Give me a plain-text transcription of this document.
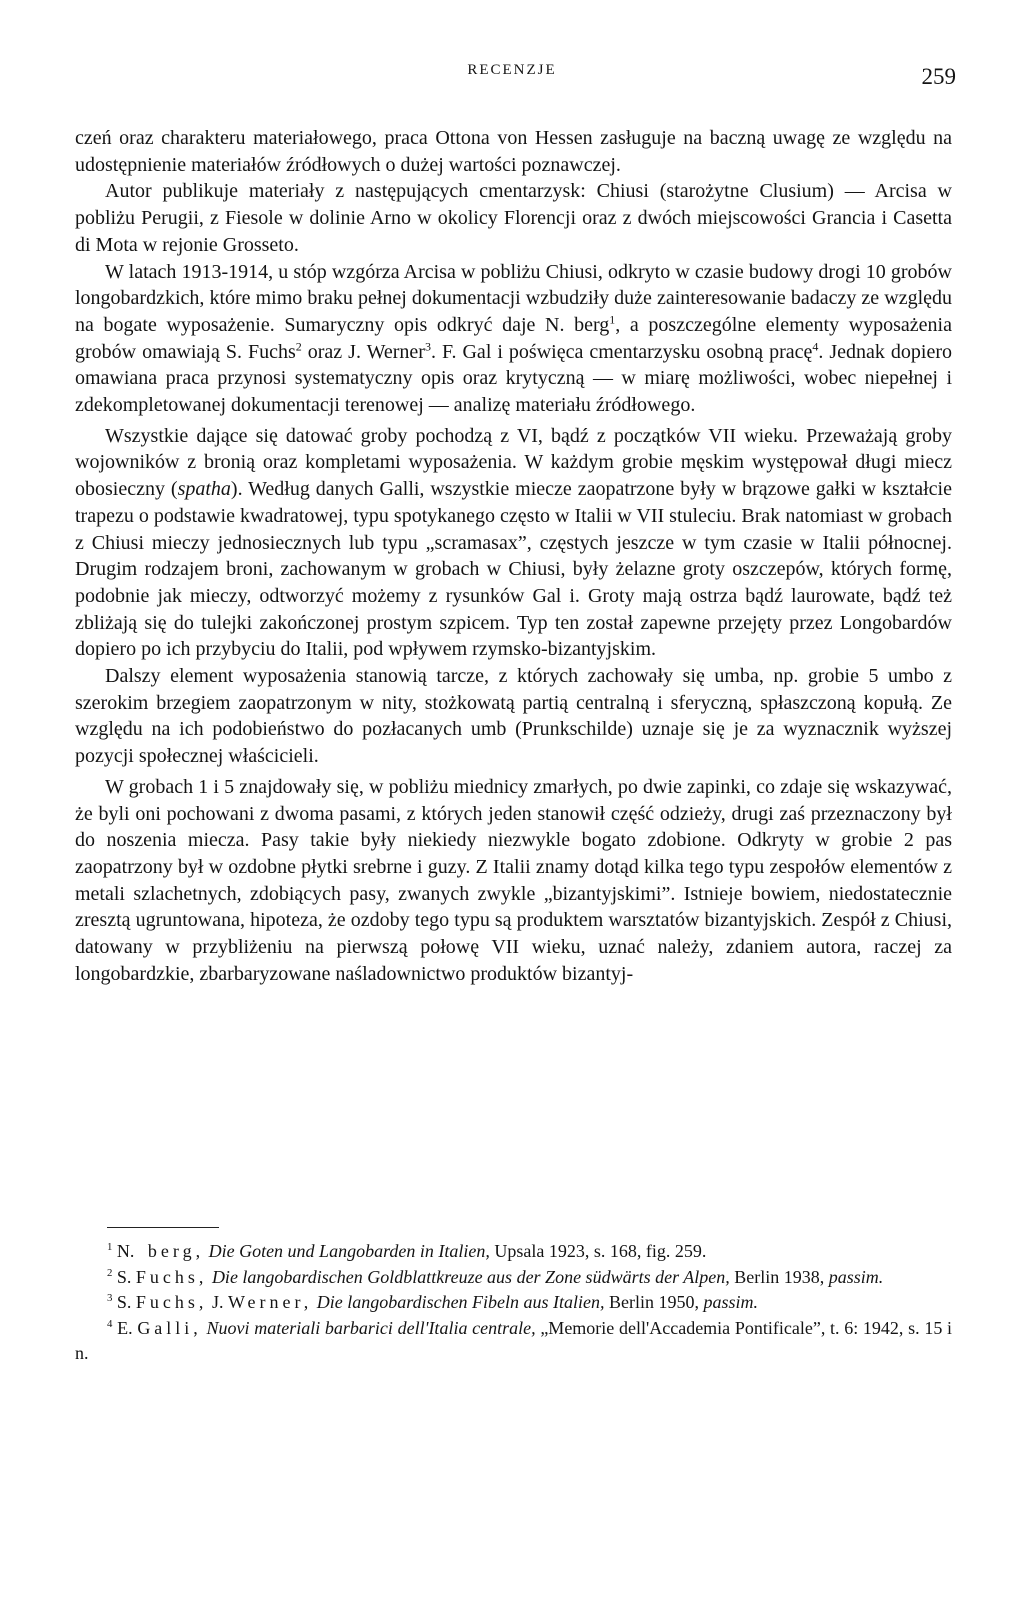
RECENZJE	259

czeń oraz charakteru materiałowego, praca Ottona von Hessen zasługuje na baczną uwagę ze względu na udostępnienie materiałów źródłowych o dużej wartości poznawczej.

Autor publikuje materiały z następujących cmentarzysk: Chiusi (starożytne Clusium) — Arcisa w pobliżu Perugii, z Fiesole w dolinie Arno w okolicy Florencji oraz z dwóch miejscowości Grancia i Casetta di Mota w rejonie Grosseto.

W latach 1913-1914, u stóp wzgórza Arcisa w pobliżu Chiusi, odkryto w czasie budowy drogi 10 grobów longobardzkich, które mimo braku pełnej dokumentacji wzbudziły duże zainteresowanie badaczy ze względu na bogate wyposażenie. Sumaryczny opis odkryć daje N. berg$^1$, a poszczególne elementy wyposażenia grobów omawiają S. Fuchs$^2$ oraz J. Werner$^3$. F. Gal i poświęca cmentarzysku osobną pracę$^4$. Jednak dopiero omawiana praca przynosi systematyczny opis oraz krytyczną — w miarę możliwości, wobec niepełnej i zdekompletowanej dokumentacji terenowej — analizę materiału źródłowego.

Wszystkie dające się datować groby pochodzą z VI, bądź z początków VII wieku. Przeważają groby wojowników z bronią oraz kompletami wyposażenia. W każdym grobie męskim występował długi miecz obosieczny (spatha). Według danych Galli, wszystkie miecze zaopatrzone były w brązowe gałki w kształcie trapezu o podstawie kwadratowej, typu spotykanego często w Italii w VII stuleciu. Brak natomiast w grobach z Chiusi mieczy jednosiecznych lub typu „scramasax”, częstych jeszcze w tym czasie w Italii północnej. Drugim rodzajem broni, zachowanym w grobach w Chiusi, były żelazne groty oszczepów, których formę, podobnie jak mieczy, odtworzyć możemy z rysunków Gal i. Groty mają ostrza bądź laurowate, bądź też zbliżają się do tulejki zakończonej prostym szpicem. Typ ten został zapewne przejęty przez Longobardów dopiero po ich przybyciu do Italii, pod wpływem rzymsko-bizantyjskim.

Dalszy element wyposażenia stanowią tarcze, z których zachowały się umba, np. grobie 5 umbo z szerokim brzegiem zaopatrzonym w nity, stożkowatą partią centralną i sferyczną, spłaszczoną kopułą. Ze względu na ich podobieństwo do pozłacanych umb (Prunkschilde) uznaje się je za wyznacznik wyższej pozycji społecznej właścicieli.

W grobach 1 i 5 znajdowały się, w pobliżu miednicy zmarłych, po dwie zapinki, co zdaje się wskazywać, że byli oni pochowani z dwoma pasami, z których jeden stanowił część odzieży, drugi zaś przeznaczony był do noszenia miecza. Pasy takie były niekiedy niezwykle bogato zdobione. Odkryty w grobie 2 pas zaopatrzony był w ozdobne płytki srebrne i guzy. Z Italii znamy dotąd kilka tego typu zespołów elementów z metali szlachetnych, zdobiących pasy, zwanych zwykle „bizantyjskimi”. Istnieje bowiem, niedostatecznie zresztą ugruntowana, hipoteza, że ozdoby tego typu są produktem warsztatów bizantyjskich. Zespół z Chiusi, datowany w przybliżeniu na pierwszą połowę VII wieku, uznać należy, zdaniem autora, raczej za longobardzkie, zbarbaryzowane naśladownictwo produktów bizantyj-

$^1$ N. berg, Die Goten und Langobarden in Italien, Upsala 1923, s. 168, fig. 259.

$^2$ S. Fuchs, Die langobardischen Goldblattkreuze aus der Zone südwärts der Alpen, Berlin 1938, passim.

$^3$ S. Fuchs, J. Werner, Die langobardischen Fibeln aus Italien, Berlin 1950, passim.

$^4$ E. Galli, Nuovi materiali barbarici dell'Italia centrale, „Memorie dell'Accademia Pontificale”, t. 6: 1942, s. 15 i n.
